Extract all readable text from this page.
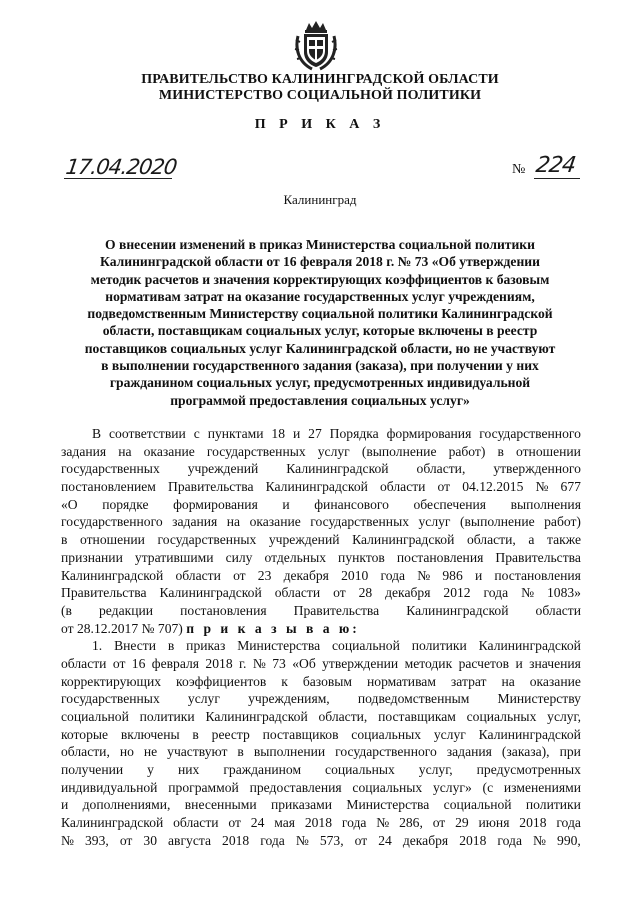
ПРАВИТЕЛЬСТВО КАЛИНИНГРАДСКОЙ ОБЛАСТИ
МИНИСТЕРСТВО СОЦИАЛЬНОЙ ПОЛИТИКИ
П Р И К А З
17.04.2020	№ 224
Калининград
О внесении изменений в приказ Министерства социальной политики
Калининградской области от 16 февраля 2018 г. № 73 «Об утверждении
методик расчетов и значения корректирующих коэффициентов к базовым
нормативам затрат на оказание государственных услуг учреждениям,
подведомственным Министерству социальной политики Калининградской
области, поставщикам социальных услуг, которые включены в реестр
поставщиков социальных услуг Калининградской области, но не участвуют
в выполнении государственного задания (заказа), при получении у них
гражданином социальных услуг, предусмотренных индивидуальной
программой предоставления социальных услуг»
В соответствии с пунктами 18 и 27 Порядка формирования государственного
задания на оказание государственных услуг (выполнение работ) в отношении
государственных учреждений Калининградской области, утвержденного
постановлением Правительства Калининградской области от 04.12.2015 № 677
«О порядке формирования и финансового обеспечения выполнения
государственного задания на оказание государственных услуг (выполнение работ)
в отношении государственных учреждений Калининградской области, а также
признании утратившими силу отдельных пунктов постановления Правительства
Калининградской области от 23 декабря 2010 года № 986 и постановления
Правительства Калининградской области от 28 декабря 2012 года № 1083»
(в редакции постановления Правительства Калининградской области
от 28.12.2017 № 707)
п р и к а з ы в а ю:
1. Внести в приказ Министерства социальной политики Калининградской
области от 16 февраля 2018 г. № 73 «Об утверждении методик расчетов и значения
корректирующих коэффициентов к базовым нормативам затрат на оказание
государственных услуг учреждениям, подведомственным Министерству
социальной политики Калининградской области, поставщикам социальных услуг,
которые включены в реестр поставщиков социальных услуг Калининградской
области, но не участвуют в выполнении государственного задания (заказа), при
получении у них гражданином социальных услуг, предусмотренных
индивидуальной программой предоставления социальных услуг» (с изменениями
и дополнениями, внесенными приказами Министерства социальной политики
Калининградской области от 24 мая 2018 года № 286, от 29 июня 2018 года
№ 393, от 30 августа 2018 года № 573, от 24 декабря 2018 года № 990,
